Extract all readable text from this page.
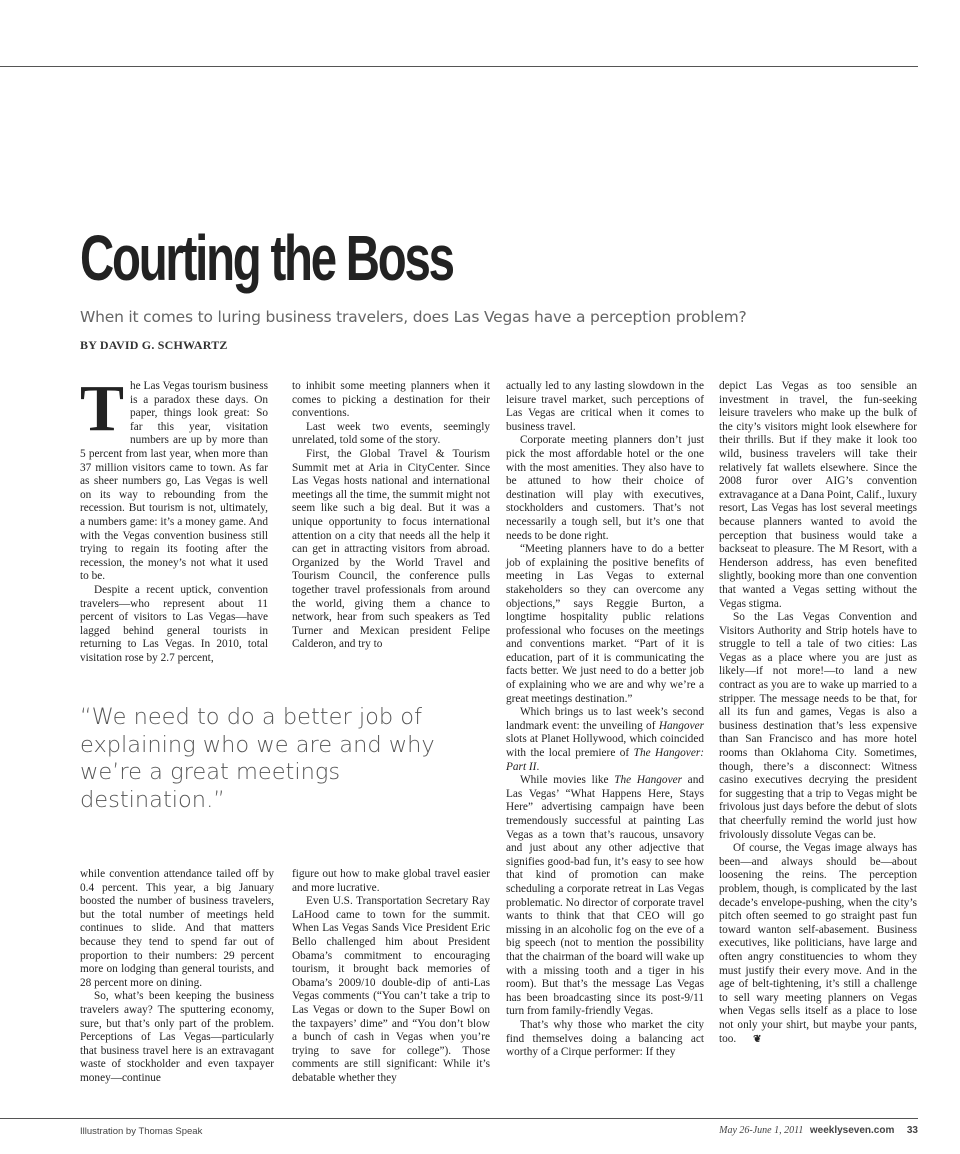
Courting the Boss
When it comes to luring business travelers, does Las Vegas have a perception problem?
BY DAVID G. SCHWARTZ

The Las Vegas tourism business is a paradox these days. On paper, things look great: So far this year, visitation numbers are up by more than 5 percent from last year, when more than 37 million visitors came to town. As far as sheer numbers go, Las Vegas is well on its way to rebounding from the recession. But tourism is not, ultimately, a numbers game: it’s a money game. And with the Vegas convention business still trying to regain its footing after the recession, the money’s not what it used to be.

Despite a recent uptick, convention travelers—who represent about 11 percent of visitors to Las Vegas—have lagged behind general tourists in returning to Las Vegas. In 2010, total visitation rose by 2.7 percent,

to inhibit some meeting planners when it comes to picking a destination for their conventions.

Last week two events, seemingly unrelated, told some of the story.

First, the Global Travel & Tourism Summit met at Aria in CityCenter. Since Las Vegas hosts national and international meetings all the time, the summit might not seem like such a big deal. But it was a unique opportunity to focus international attention on a city that needs all the help it can get in attracting visitors from abroad. Organized by the World Travel and Tourism Council, the conference pulls together travel professionals from around the world, giving them a chance to network, hear from such speakers as Ted Turner and Mexican president Felipe Calderon, and try to

“We need to do a better job of explaining who we are and why we’re a great meetings destination.”

while convention attendance tailed off by 0.4 percent. This year, a big January boosted the number of business travelers, but the total number of meetings held continues to slide. And that matters because they tend to spend far out of proportion to their numbers: 29 percent more on lodging than general tourists, and 28 percent more on dining.

So, what’s been keeping the business travelers away? The sputtering economy, sure, but that’s only part of the problem. Perceptions of Las Vegas—particularly that business travel here is an extravagant waste of stockholder and even taxpayer money—continue

figure out how to make global travel easier and more lucrative.

Even U.S. Transportation Secretary Ray LaHood came to town for the summit. When Las Vegas Sands Vice President Eric Bello challenged him about President Obama’s commitment to encouraging tourism, it brought back memories of Obama’s 2009/10 double-dip of anti-Las Vegas comments (“You can’t take a trip to Las Vegas or down to the Super Bowl on the taxpayers’ dime” and “You don’t blow a bunch of cash in Vegas when you’re trying to save for college”). Those comments are still significant: While it’s debatable whether they

actually led to any lasting slowdown in the leisure travel market, such perceptions of Las Vegas are critical when it comes to business travel.

Corporate meeting planners don’t just pick the most affordable hotel or the one with the most amenities. They also have to be attuned to how their choice of destination will play with executives, stockholders and customers. That’s not necessarily a tough sell, but it’s one that needs to be done right.

“Meeting planners have to do a better job of explaining the positive benefits of meeting in Las Vegas to external stakeholders so they can overcome any objections,” says Reggie Burton, a longtime hospitality public relations professional who focuses on the meetings and conventions market. “Part of it is education, part of it is communicating the facts better. We just need to do a better job of explaining who we are and why we’re a great meetings destination.”

Which brings us to last week’s second landmark event: the unveiling of Hangover slots at Planet Hollywood, which coincided with the local premiere of The Hangover: Part II.

While movies like The Hangover and Las Vegas’ “What Happens Here, Stays Here” advertising campaign have been tremendously successful at painting Las Vegas as a town that’s raucous, unsavory and just about any other adjective that signifies good-bad fun, it’s easy to see how that kind of promotion can make scheduling a corporate retreat in Las Vegas problematic. No director of corporate travel wants to think that that CEO will go missing in an alcoholic fog on the eve of a big speech (not to mention the possibility that the chairman of the board will wake up with a missing tooth and a tiger in his room). But that’s the message Las Vegas has been broadcasting since its post-9/11 turn from family-friendly Vegas.

That’s why those who market the city find themselves doing a balancing act worthy of a Cirque performer: If they

depict Las Vegas as too sensible an investment in travel, the fun-seeking leisure travelers who make up the bulk of the city’s visitors might look elsewhere for their thrills. But if they make it look too wild, business travelers will take their relatively fat wallets elsewhere. Since the 2008 furor over AIG’s convention extravagance at a Dana Point, Calif., luxury resort, Las Vegas has lost several meetings because planners wanted to avoid the perception that business would take a backseat to pleasure. The M Resort, with a Henderson address, has even benefited slightly, booking more than one convention that wanted a Vegas setting without the Vegas stigma.

So the Las Vegas Convention and Visitors Authority and Strip hotels have to struggle to tell a tale of two cities: Las Vegas as a place where you are just as likely—if not more!—to land a new contract as you are to wake up married to a stripper. The message needs to be that, for all its fun and games, Vegas is also a business destination that’s less expensive than San Francisco and has more hotel rooms than Oklahoma City. Sometimes, though, there’s a disconnect: Witness casino executives decrying the president for suggesting that a trip to Vegas might be frivolous just days before the debut of slots that cheerfully remind the world just how frivolously dissolute Vegas can be.

Of course, the Vegas image always has been—and always should be—about loosening the reins. The perception problem, though, is complicated by the last decade’s envelope-pushing, when the city’s pitch often seemed to go straight past fun toward wanton self-abasement. Business executives, like politicians, have large and often angry constituencies to whom they must justify their every move. And in the age of belt-tightening, it’s still a challenge to sell wary meeting planners on Vegas when Vegas sells itself as a place to lose not only your shirt, but maybe your pants, too. ❦

Illustration by Thomas Speak	May 26-June 1, 2011 weeklyseven.com 33
